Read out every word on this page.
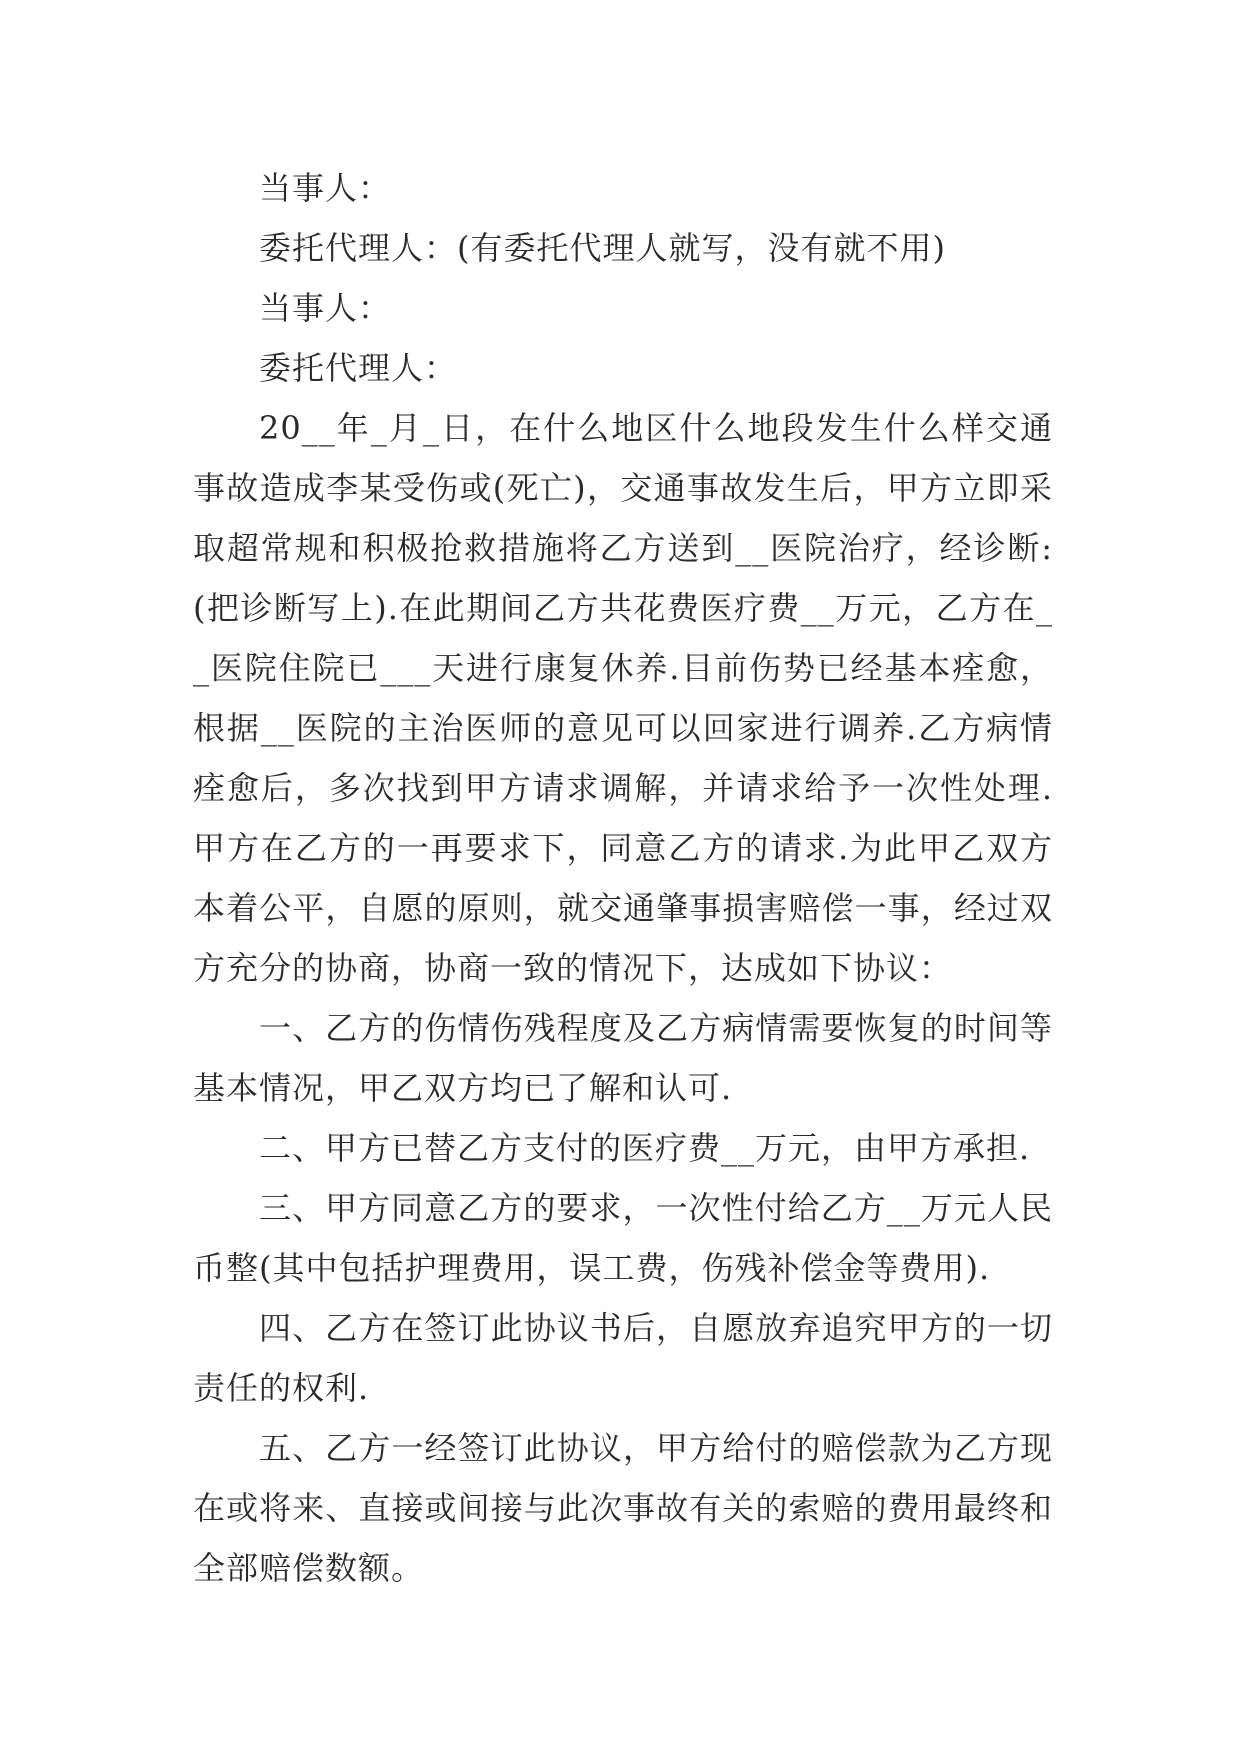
当事人：

委托代理人：(有委托代理人就写，没有就不用)

当事人：

委托代理人：

20__年_月_日，在什么地区什么地段发生什么样交通事故造成李某受伤或(死亡)，交通事故发生后，甲方立即采取超常规和积极抢救措施将乙方送到__医院治疗，经诊断:(把诊断写上).在此期间乙方共花费医疗费__万元，乙方在__医院住院已___天进行康复休养.目前伤势已经基本痊愈，根据__医院的主治医师的意见可以回家进行调养.乙方病情痊愈后，多次找到甲方请求调解，并请求给予一次性处理.甲方在乙方的一再要求下，同意乙方的请求.为此甲乙双方本着公平，自愿的原则，就交通肇事损害赔偿一事，经过双方充分的协商，协商一致的情况下，达成如下协议：

一、乙方的伤情伤残程度及乙方病情需要恢复的时间等基本情况，甲乙双方均已了解和认可.

二、甲方已替乙方支付的医疗费__万元，由甲方承担.

三、甲方同意乙方的要求，一次性付给乙方__万元人民币整(其中包括护理费用，误工费，伤残补偿金等费用).

四、乙方在签订此协议书后，自愿放弃追究甲方的一切责任的权利.

五、乙方一经签订此协议，甲方给付的赔偿款为乙方现在或将来、直接或间接与此次事故有关的索赔的费用最终和全部赔偿数额。
